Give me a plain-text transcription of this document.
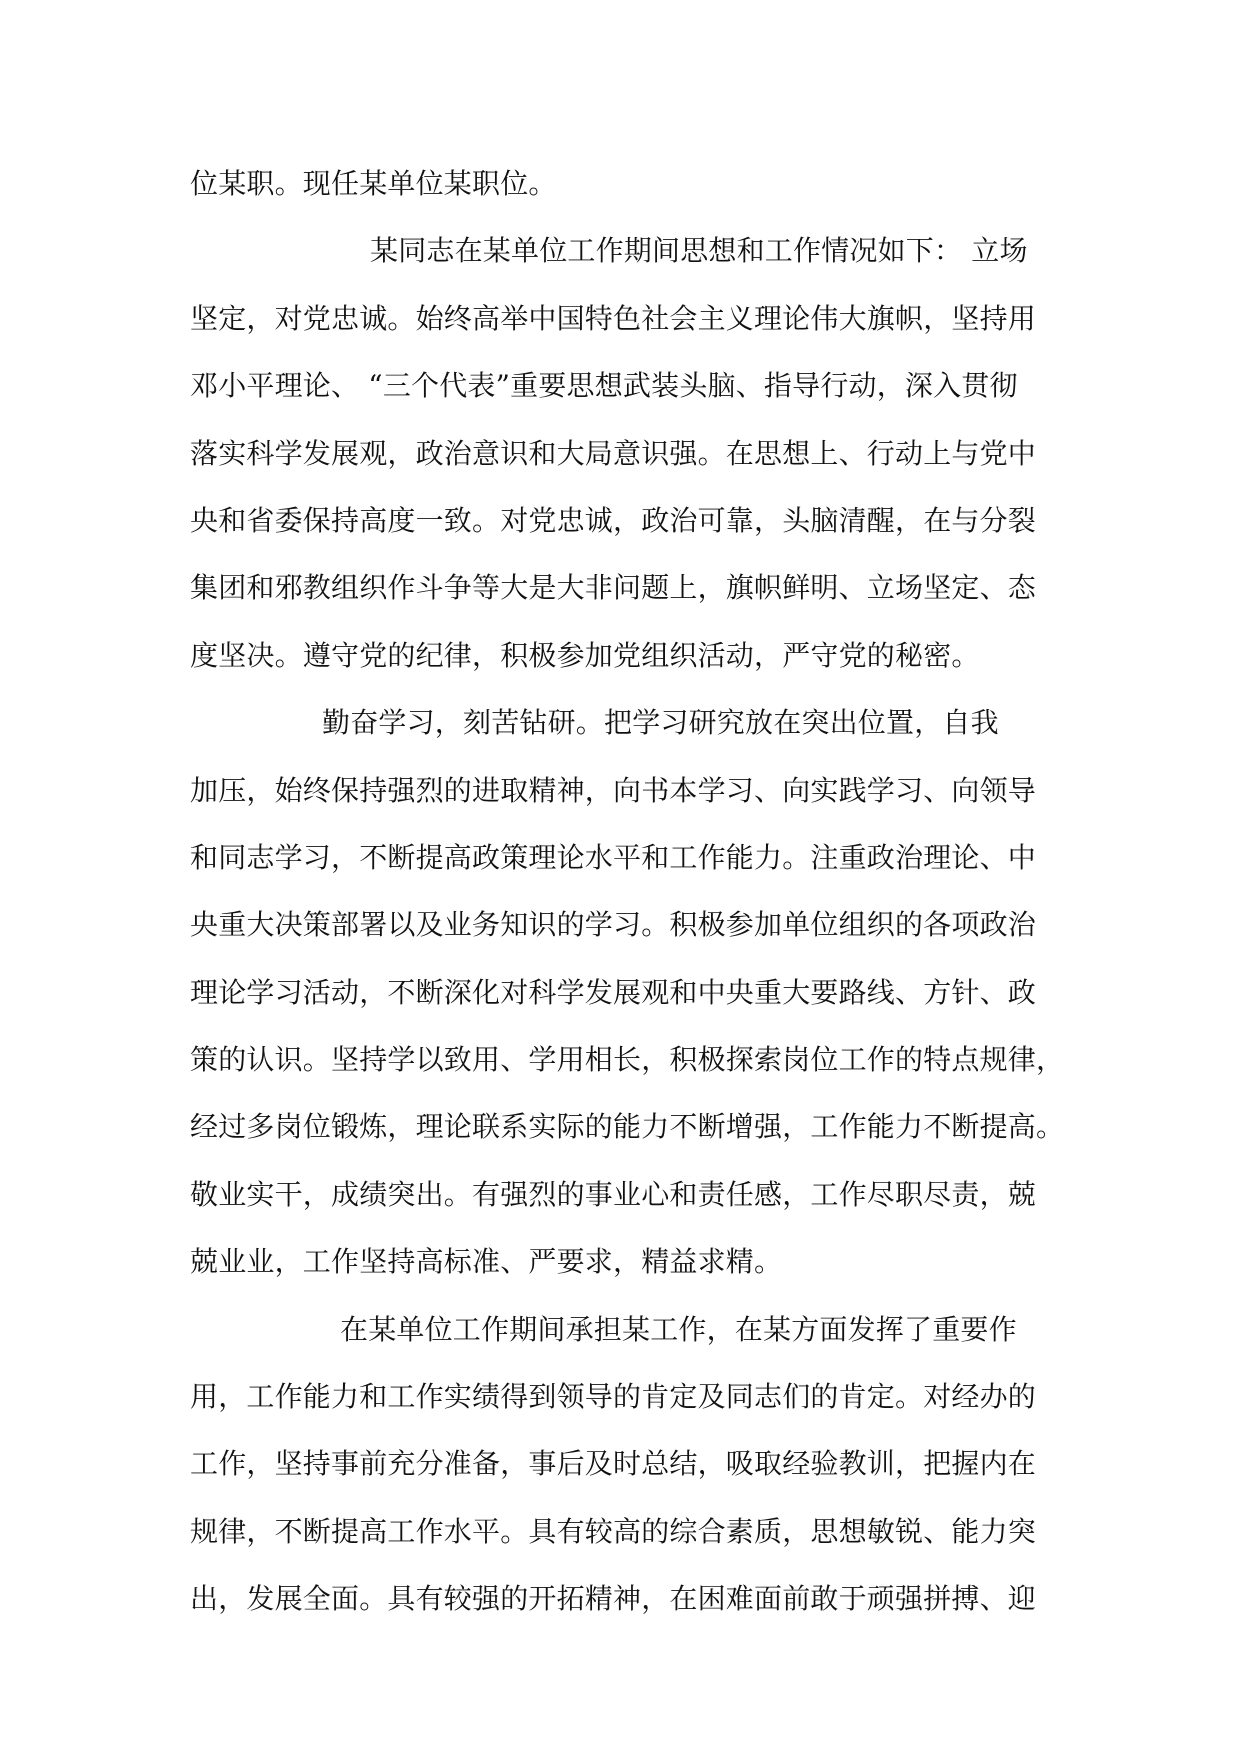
位某职。现任某单位某职位。
某同志在某单位工作期间思想和工作情况如下： 立场
坚定，对党忠诚。始终高举中国特色社会主义理论伟大旗帜，坚持用
邓小平理论、 “三个代表”重要思想武装头脑、指导行动，深入贯彻
落实科学发展观，政治意识和大局意识强。在思想上、行动上与党中
央和省委保持高度一致。对党忠诚，政治可靠，头脑清醒，在与分裂
集团和邪教组织作斗争等大是大非问题上，旗帜鲜明、立场坚定、态
度坚决。遵守党的纪律，积极参加党组织活动，严守党的秘密。
勤奋学习，刻苦钻研。把学习研究放在突出位置，自我
加压，始终保持强烈的进取精神，向书本学习、向实践学习、向领导
和同志学习，不断提高政策理论水平和工作能力。注重政治理论、中
央重大决策部署以及业务知识的学习。积极参加单位组织的各项政治
理论学习活动，不断深化对科学发展观和中央重大要路线、方针、政
策的认识。坚持学以致用、学用相长，积极探索岗位工作的特点规律，
经过多岗位锻炼，理论联系实际的能力不断增强，工作能力不断提高。
敬业实干，成绩突出。有强烈的事业心和责任感，工作尽职尽责，兢
兢业业，工作坚持高标准、严要求，精益求精。
在某单位工作期间承担某工作，在某方面发挥了重要作
用，工作能力和工作实绩得到领导的肯定及同志们的肯定。对经办的
工作，坚持事前充分准备，事后及时总结，吸取经验教训，把握内在
规律，不断提高工作水平。具有较高的综合素质，思想敏锐、能力突
出，发展全面。具有较强的开拓精神，在困难面前敢于顽强拼搏、迎
